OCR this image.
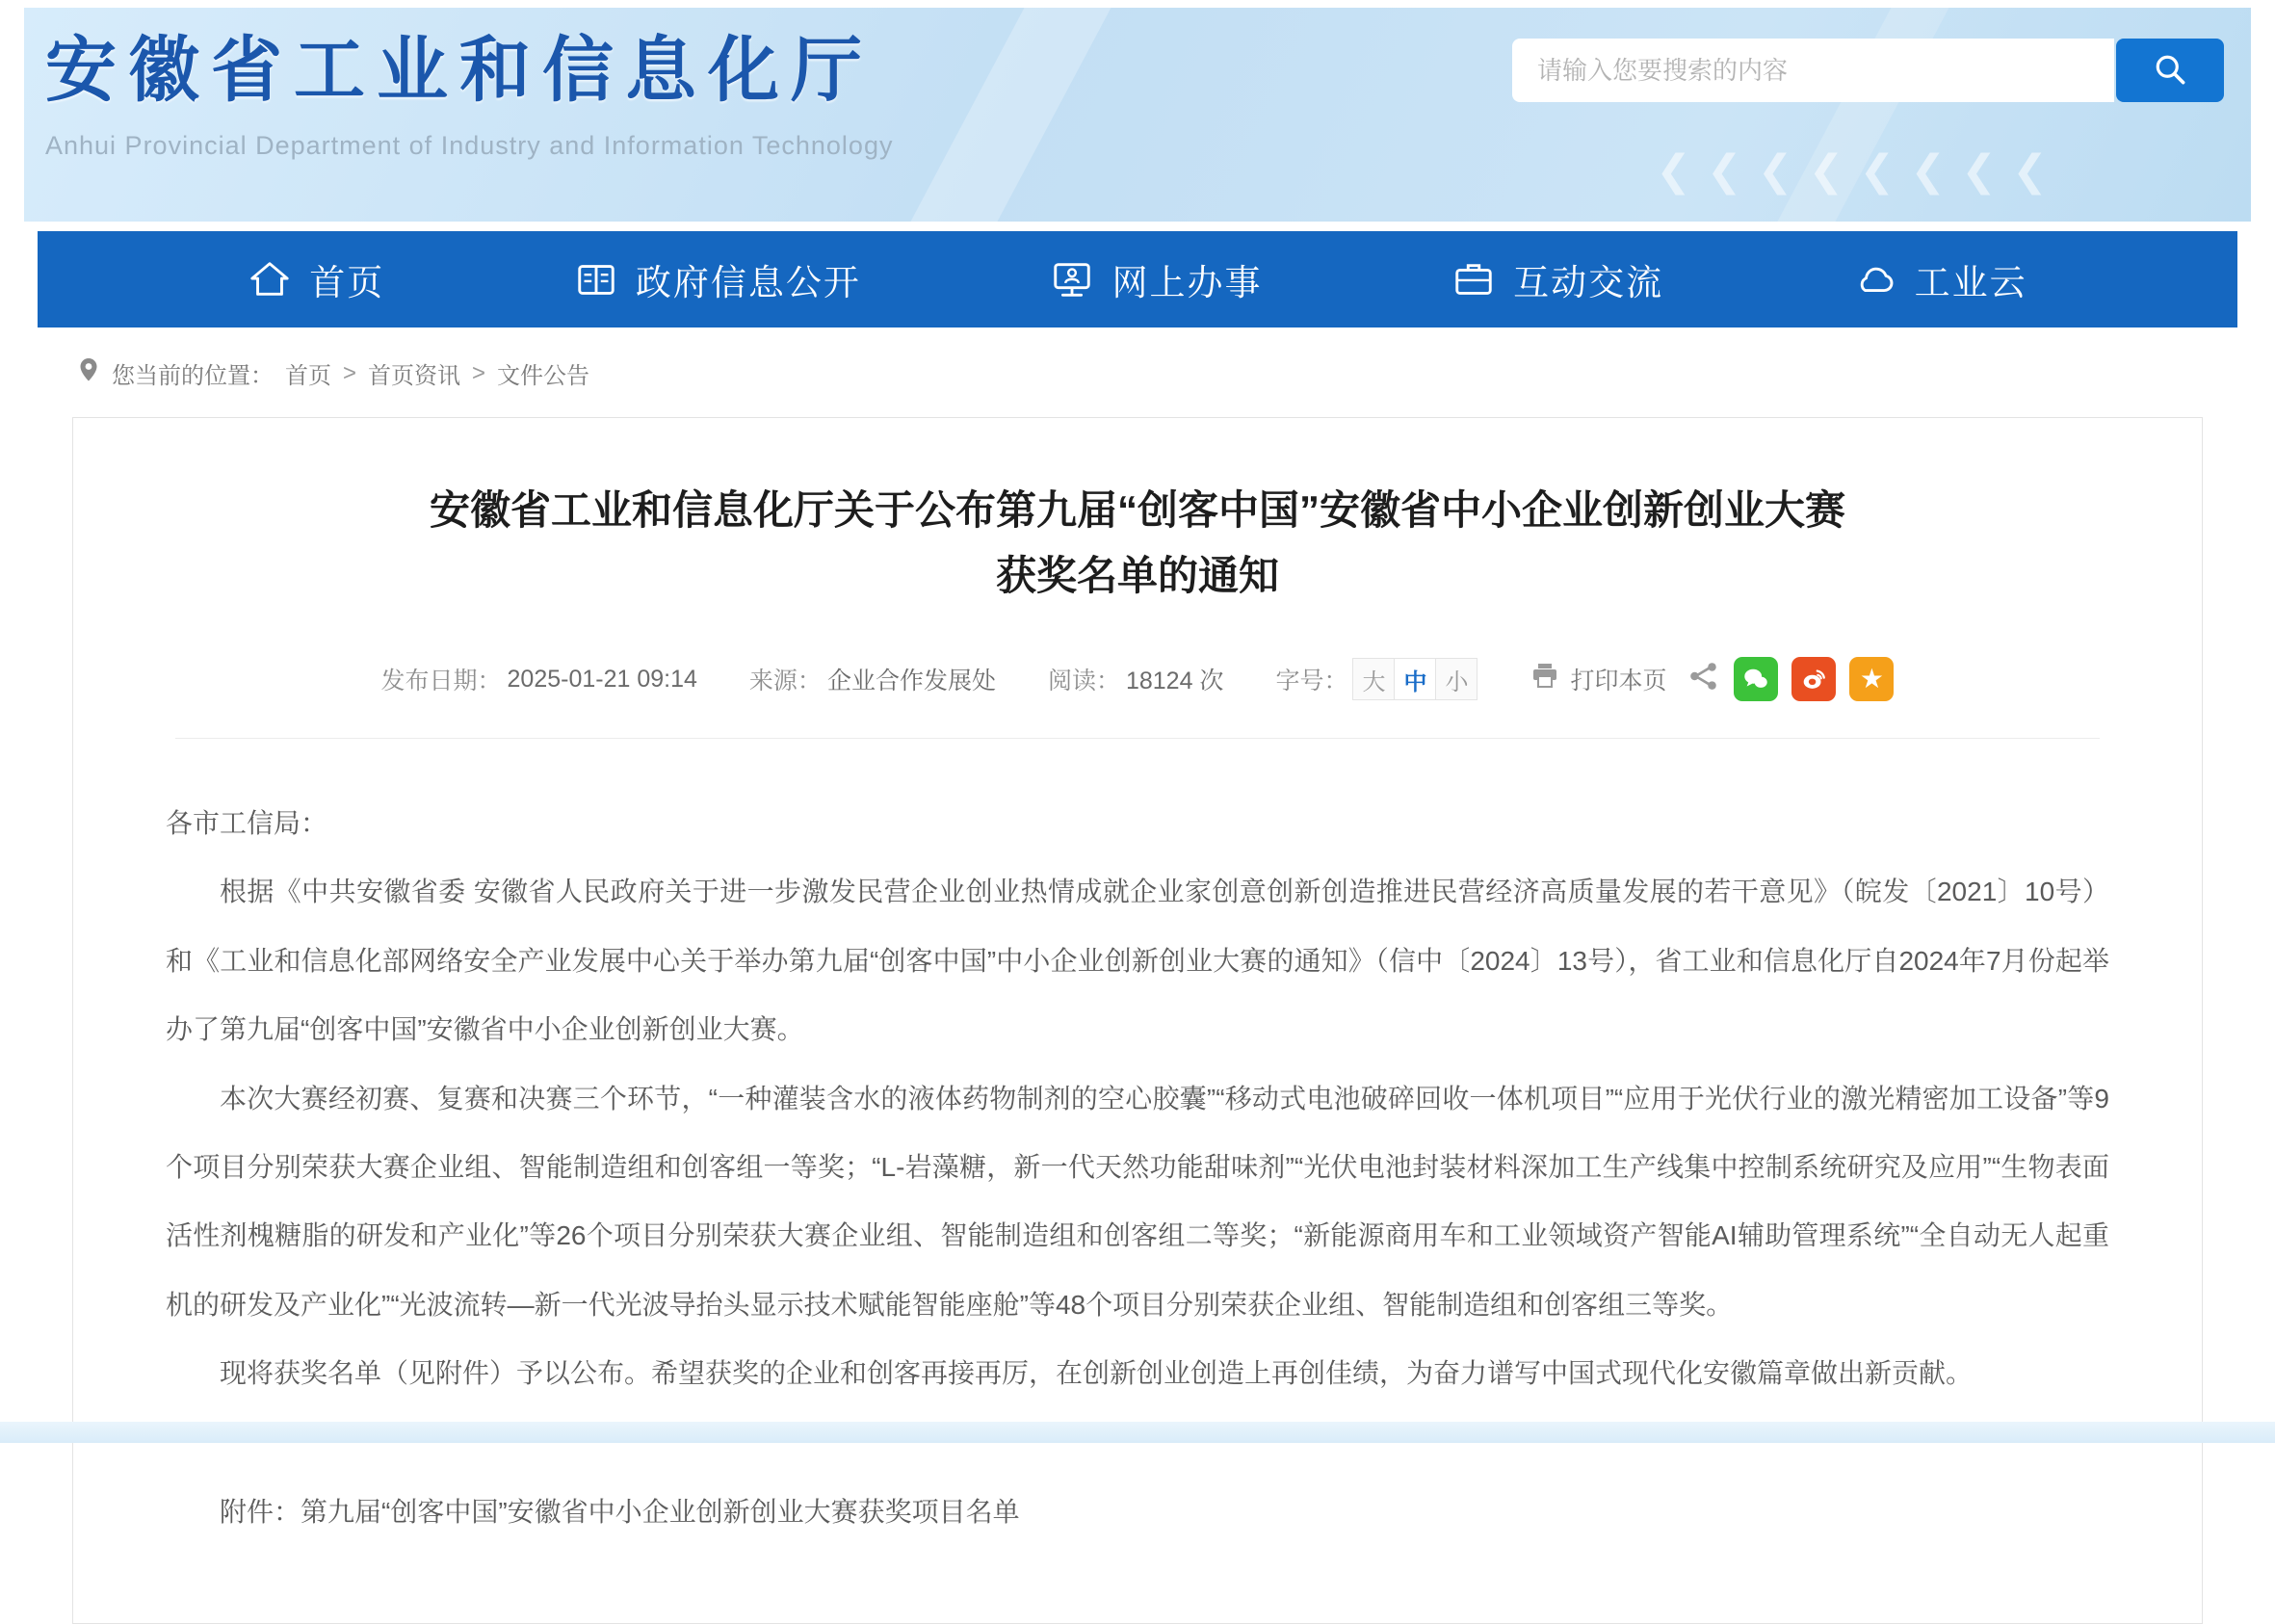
安徽省工业和信息化厅
Anhui Provincial Department of Industry and Information Technology
请输入您要搜索的内容
❮❮❮❮❮❮❮❮
首页	政府信息公开	网上办事	互动交流	工业云
您当前的位置： 首页 > 首页资讯 > 文件公告
安徽省工业和信息化厅关于公布第九届“创客中国”安徽省中小企业创新创业大赛
获奖名单的通知
发布日期： 2025-01-21 09:14 来源： 企业合作发展处 阅读： 18124 次 字号： 大 中 小	打印本页	★

各市工信局：

根据《中共安徽省委 安徽省人民政府关于进一步激发民营企业创业热情成就企业家创意创新创造推进民营经济高质量发展的若干意见》（皖发〔2021〕10号）和《工业和信息化部网络安全产业发展中心关于举办第九届“创客中国”中小企业创新创业大赛的通知》（信中〔2024〕13号），省工业和信息化厅自2024年7月份起举办了第九届“创客中国”安徽省中小企业创新创业大赛。

本次大赛经初赛、复赛和决赛三个环节，“一种灌装含水的液体药物制剂的空心胶囊”“移动式电池破碎回收一体机项目”“应用于光伏行业的激光精密加工设备”等9个项目分别荣获大赛企业组、智能制造组和创客组一等奖；“L-岩藻糖，新一代天然功能甜味剂”“光伏电池封装材料深加工生产线集中控制系统研究及应用”“生物表面活性剂槐糖脂的研发和产业化”等26个项目分别荣获大赛企业组、智能制造组和创客组二等奖；“新能源商用车和工业领域资产智能AI辅助管理系统”“全自动无人起重机的研发及产业化”“光波流转—新一代光波导抬头显示技术赋能智能座舱”等48个项目分别荣获企业组、智能制造组和创客组三等奖。

现将获奖名单（见附件）予以公布。希望获奖的企业和创客再接再厉，在创新创业创造上再创佳绩，为奋力谱写中国式现代化安徽篇章做出新贡献。

附件：第九届“创客中国”安徽省中小企业创新创业大赛获奖项目名单
